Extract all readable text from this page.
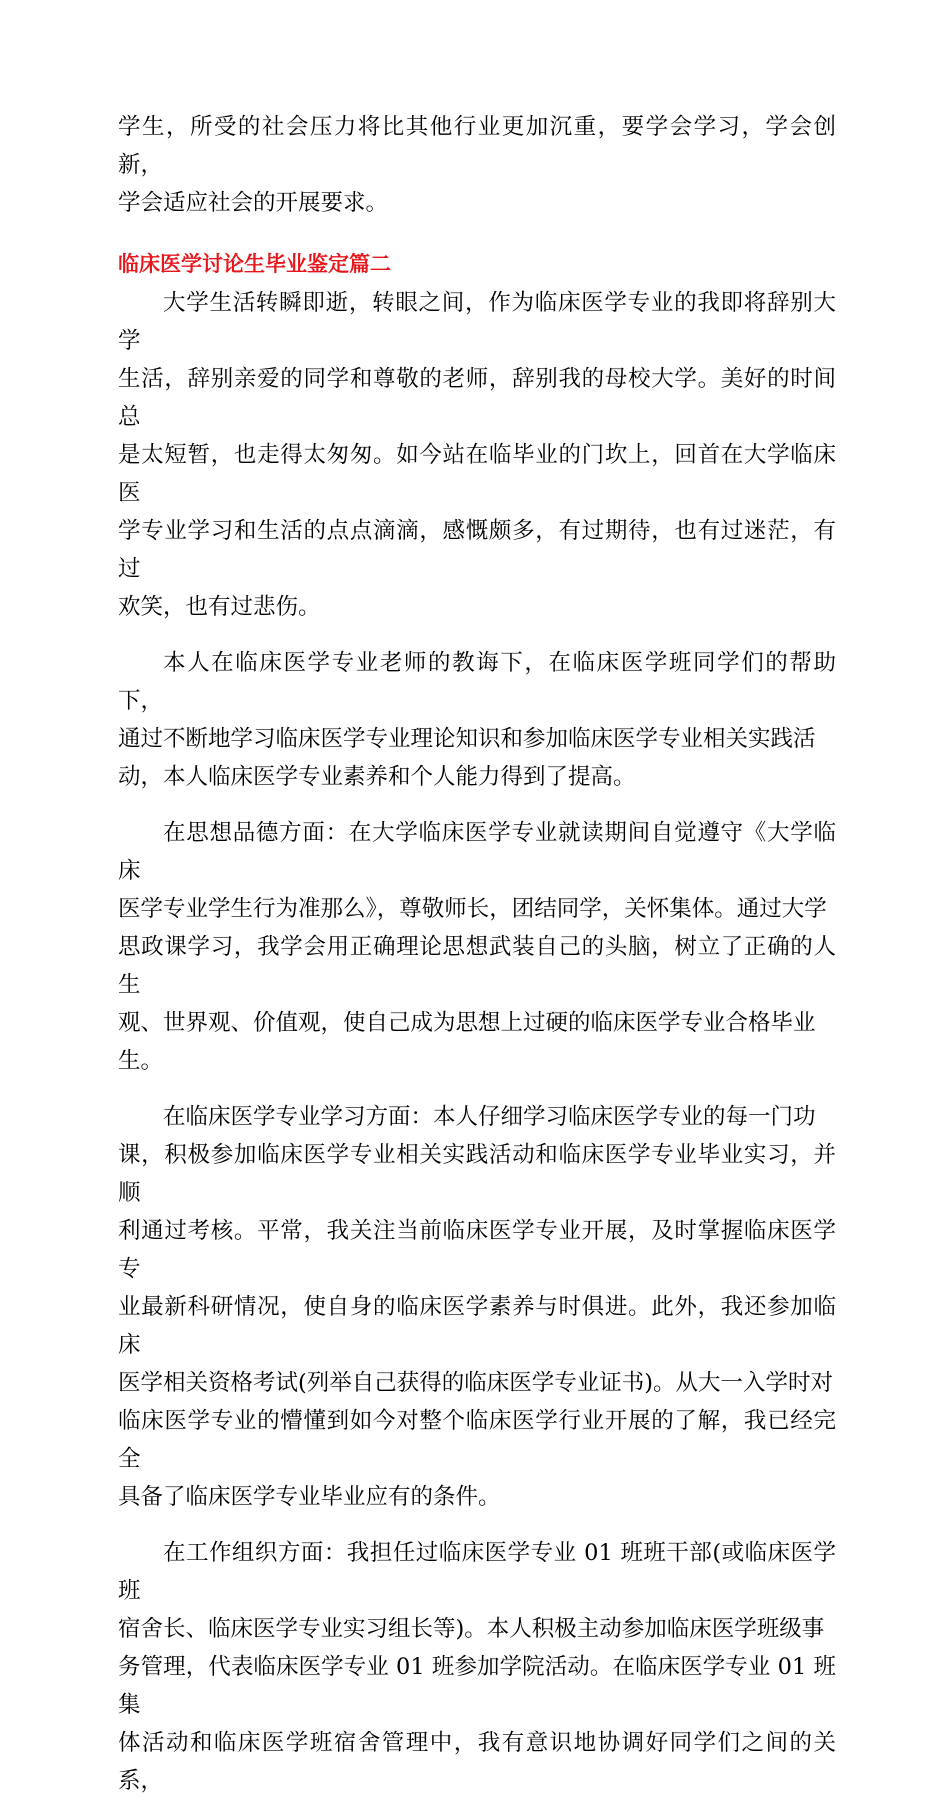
学生，所受的社会压力将比其他行业更加沉重，要学会学习，学会创新，
学会适应社会的开展要求。

临床医学讨论生毕业鉴定篇二

大学生活转瞬即逝，转眼之间，作为临床医学专业的我即将辞别大学
生活，辞别亲爱的同学和尊敬的老师，辞别我的母校大学。美好的时间总
是太短暂，也走得太匆匆。如今站在临毕业的门坎上，回首在大学临床医
学专业学习和生活的点点滴滴，感慨颇多，有过期待，也有过迷茫，有过
欢笑，也有过悲伤。

本人在临床医学专业老师的教诲下，在临床医学班同学们的帮助下，
通过不断地学习临床医学专业理论知识和参加临床医学专业相关实践活
动，本人临床医学专业素养和个人能力得到了提高。

在思想品德方面：在大学临床医学专业就读期间自觉遵守《大学临床
医学专业学生行为准那么》，尊敬师长，团结同学，关怀集体。通过大学
思政课学习，我学会用正确理论思想武装自己的头脑，树立了正确的人生
观、世界观、价值观，使自己成为思想上过硬的临床医学专业合格毕业
生。

在临床医学专业学习方面：本人仔细学习临床医学专业的每一门功
课，积极参加临床医学专业相关实践活动和临床医学专业毕业实习，并顺
利通过考核。平常，我关注当前临床医学专业开展，及时掌握临床医学专
业最新科研情况，使自身的临床医学素养与时俱进。此外，我还参加临床
医学相关资格考试(列举自己获得的临床医学专业证书)。从大一入学时对
临床医学专业的懵懂到如今对整个临床医学行业开展的了解，我已经完全
具备了临床医学专业毕业应有的条件。

在工作组织方面：我担任过临床医学专业 01 班班干部(或临床医学班
宿舍长、临床医学专业实习组长等)。本人积极主动参加临床医学班级事
务管理，代表临床医学专业 01 班参加学院活动。在临床医学专业 01 班集
体活动和临床医学班宿舍管理中，我有意识地协调好同学们之间的关系，
